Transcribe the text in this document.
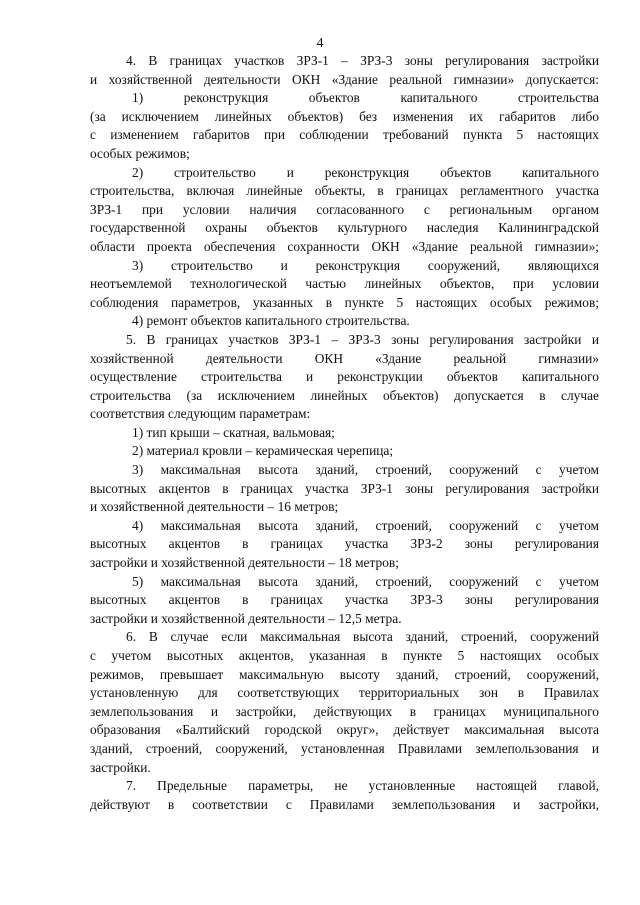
4
4. В границах участков ЗРЗ-1 – ЗРЗ-3 зоны регулирования застройки
и хозяйственной деятельности ОКН «Здание реальной гимназии» допускается:
1) реконструкция объектов капитального строительства
(за исключением линейных объектов) без изменения их габаритов либо
с изменением габаритов при соблюдении требований пункта 5 настоящих
особых режимов;
2) строительство и реконструкция объектов капитального
строительства, включая линейные объекты, в границах регламентного участка
ЗРЗ-1 при условии наличия согласованного с региональным органом
государственной охраны объектов культурного наследия Калининградской
области проекта обеспечения сохранности ОКН «Здание реальной гимназии»;
3) строительство и реконструкция сооружений, являющихся
неотъемлемой технологической частью линейных объектов, при условии
соблюдения параметров, указанных в пункте 5 настоящих особых режимов;
4) ремонт объектов капитального строительства.
5. В границах участков ЗРЗ-1 – ЗРЗ-3 зоны регулирования застройки и
хозяйственной деятельности ОКН «Здание реальной гимназии»
осуществление строительства и реконструкции объектов капитального
строительства (за исключением линейных объектов) допускается в случае
соответствия следующим параметрам:
1) тип крыши – скатная, вальмовая;
2) материал кровли – керамическая черепица;
3) максимальная высота зданий, строений, сооружений с учетом
высотных акцентов в границах участка ЗРЗ-1 зоны регулирования застройки
и хозяйственной деятельности – 16 метров;
4) максимальная высота зданий, строений, сооружений с учетом
высотных акцентов в границах участка ЗРЗ-2 зоны регулирования
застройки и хозяйственной деятельности – 18 метров;
5) максимальная высота зданий, строений, сооружений с учетом
высотных акцентов в границах участка ЗРЗ-3 зоны регулирования
застройки и хозяйственной деятельности – 12,5 метра.
6. В случае если максимальная высота зданий, строений, сооружений
с учетом высотных акцентов, указанная в пункте 5 настоящих особых
режимов, превышает максимальную высоту зданий, строений, сооружений,
установленную для соответствующих территориальных зон в Правилах
землепользования и застройки, действующих в границах муниципального
образования «Балтийский городской округ», действует максимальная высота
зданий, строений, сооружений, установленная Правилами землепользования и
застройки.
7. Предельные параметры, не установленные настоящей главой,
действуют в соответствии с Правилами землепользования и застройки,
